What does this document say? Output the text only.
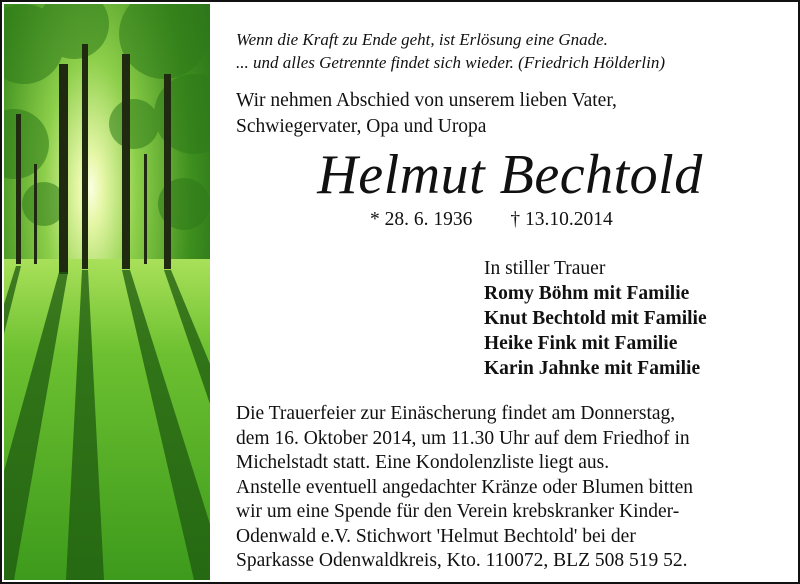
Wenn die Kraft zu Ende geht, ist Erlösung eine Gnade.
... und alles Getrennte findet sich wieder. (Friedrich Hölderlin)
Wir nehmen Abschied von unserem lieben Vater,
Schwiegervater, Opa und Uropa
Helmut Bechtold
* 28. 6. 1936 † 13.10.2014
In stiller Trauer
Romy Böhm mit Familie
Knut Bechtold mit Familie
Heike Fink mit Familie
Karin Jahnke mit Familie

Die Trauerfeier zur Einäscherung findet am Donnerstag,

dem 16. Oktober 2014, um 11.30 Uhr auf dem Friedhof in

Michelstadt statt. Eine Kondolenzliste liegt aus.

Anstelle eventuell angedachter Kränze oder Blumen bitten

wir um eine Spende für den Verein krebskranker Kinder-

Odenwald e.V. Stichwort 'Helmut Bechtold' bei der

Sparkasse Odenwaldkreis, Kto. 110072, BLZ 508 519 52.
